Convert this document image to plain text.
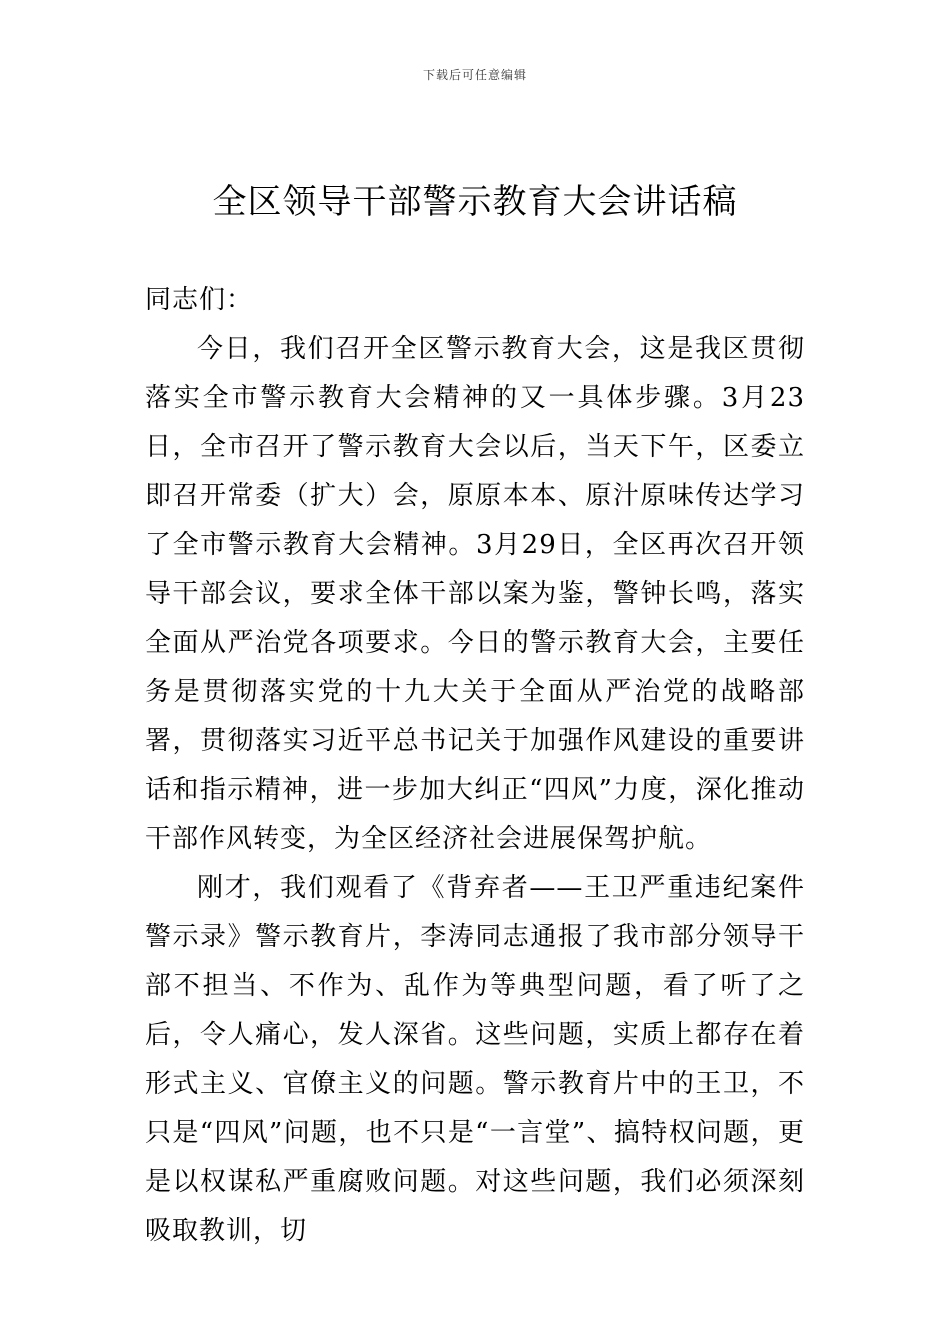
下载后可任意编辑
全区领导干部警示教育大会讲话稿

同志们：

今日，我们召开全区警示教育大会，这是我区贯彻落实全市警示教育大会精神的又一具体步骤。3月23日，全市召开了警示教育大会以后，当天下午，区委立即召开常委（扩大）会，原原本本、原汁原味传达学习了全市警示教育大会精神。3月29日，全区再次召开领导干部会议，要求全体干部以案为鉴，警钟长鸣，落实全面从严治党各项要求。今日的警示教育大会，主要任务是贯彻落实党的十九大关于全面从严治党的战略部署，贯彻落实习近平总书记关于加强作风建设的重要讲话和指示精神，进一步加大纠正“四风”力度，深化推动干部作风转变，为全区经济社会进展保驾护航。

刚才，我们观看了《背弃者——王卫严重违纪案件警示录》警示教育片，李涛同志通报了我市部分领导干部不担当、不作为、乱作为等典型问题，看了听了之后，令人痛心，发人深省。这些问题，实质上都存在着形式主义、官僚主义的问题。警示教育片中的王卫，不只是“四风”问题，也不只是“一言堂”、搞特权问题，更是以权谋私严重腐败问题。对这些问题，我们必须深刻吸取教训，切
